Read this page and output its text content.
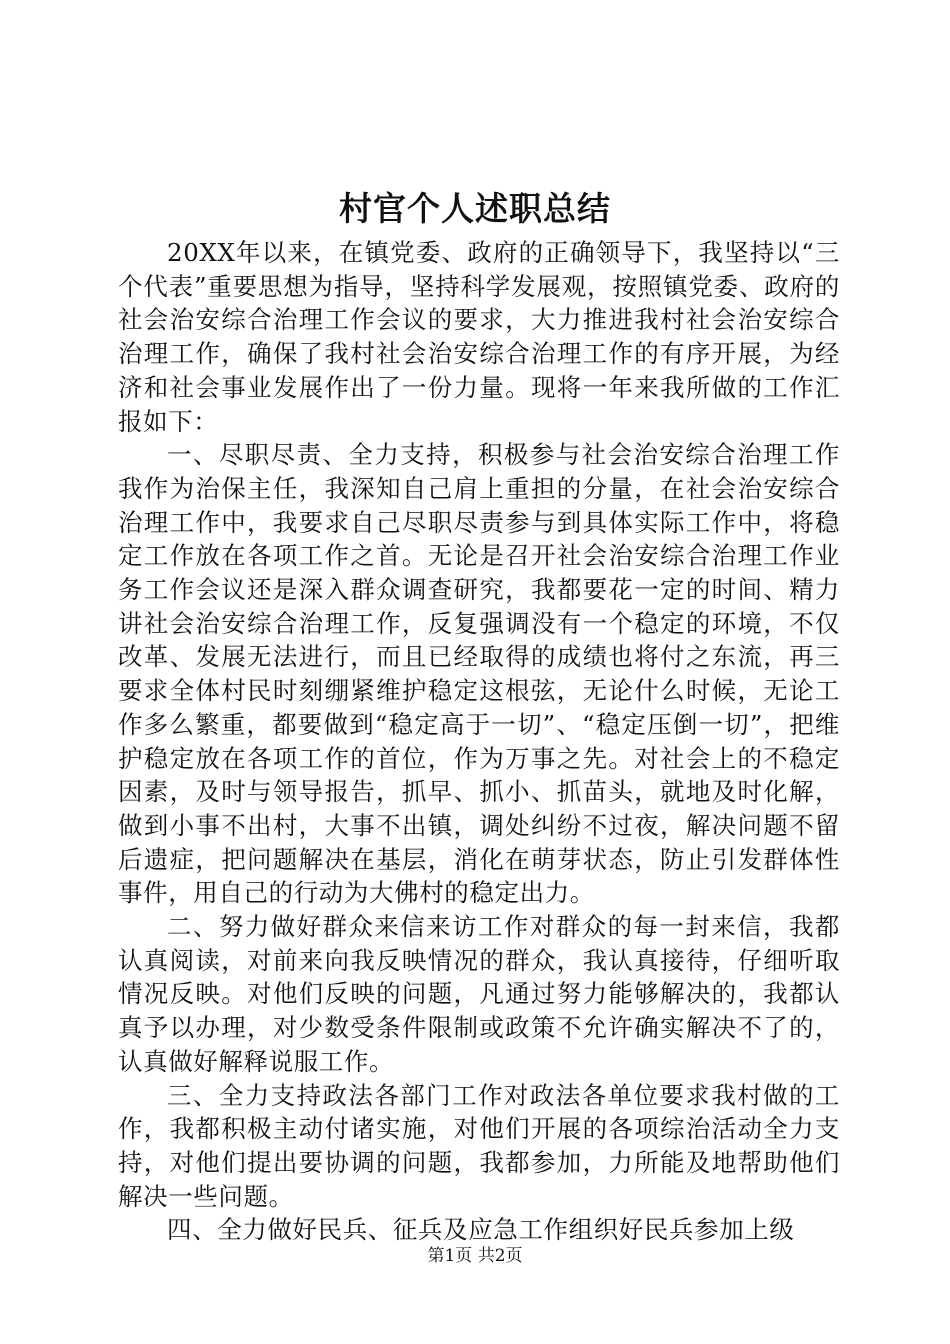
村官个人述职总结

20XX年以来，在镇党委、政府的正确领导下，我坚持以“三个代表”重要思想为指导，坚持科学发展观，按照镇党委、政府的社会治安综合治理工作会议的要求，大力推进我村社会治安综合治理工作，确保了我村社会治安综合治理工作的有序开展，为经济和社会事业发展作出了一份力量。现将一年来我所做的工作汇报如下：

一、尽职尽责、全力支持，积极参与社会治安综合治理工作我作为治保主任，我深知自己肩上重担的分量，在社会治安综合治理工作中，我要求自己尽职尽责参与到具体实际工作中，将稳定工作放在各项工作之首。无论是召开社会治安综合治理工作业务工作会议还是深入群众调查研究，我都要花一定的时间、精力讲社会治安综合治理工作，反复强调没有一个稳定的环境，不仅改革、发展无法进行，而且已经取得的成绩也将付之东流，再三要求全体村民时刻绷紧维护稳定这根弦，无论什么时候，无论工作多么繁重，都要做到“稳定高于一切”、“稳定压倒一切”，把维护稳定放在各项工作的首位，作为万事之先。对社会上的不稳定因素，及时与领导报告，抓早、抓小、抓苗头，就地及时化解，做到小事不出村，大事不出镇，调处纠纷不过夜，解决问题不留后遗症，把问题解决在基层，消化在萌芽状态，防止引发群体性事件，用自己的行动为大佛村的稳定出力。

二、努力做好群众来信来访工作对群众的每一封来信，我都认真阅读，对前来向我反映情况的群众，我认真接待，仔细听取情况反映。对他们反映的问题，凡通过努力能够解决的，我都认真予以办理，对少数受条件限制或政策不允许确实解决不了的，认真做好解释说服工作。

三、全力支持政法各部门工作对政法各单位要求我村做的工作，我都积极主动付诸实施，对他们开展的各项综治活动全力支持，对他们提出要协调的问题，我都参加，力所能及地帮助他们解决一些问题。

四、全力做好民兵、征兵及应急工作组织好民兵参加上级

第1页 共2页
